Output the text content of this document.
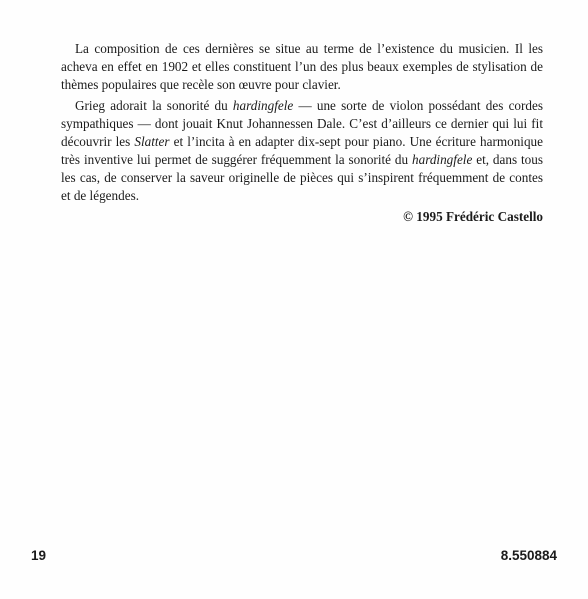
La composition de ces dernières se situe au terme de l’existence du musicien. Il les acheva en effet en 1902 et elles constituent l’un des plus beaux exemples de stylisation de thèmes populaires que recèle son œuvre pour clavier.

Grieg adorait la sonorité du hardingfele — une sorte de violon possédant des cordes sympathiques — dont jouait Knut Johannessen Dale. C’est d’ailleurs ce dernier qui lui fit découvrir les Slatter et l’incita à en adapter dix-sept pour piano. Une écriture harmonique très inventive lui permet de suggérer fréquemment la sonorité du hardingfele et, dans tous les cas, de conserver la saveur originelle de pièces qui s’inspirent fréquemment de contes et de légendes.

© 1995 Frédéric Castello

19	8.550884
